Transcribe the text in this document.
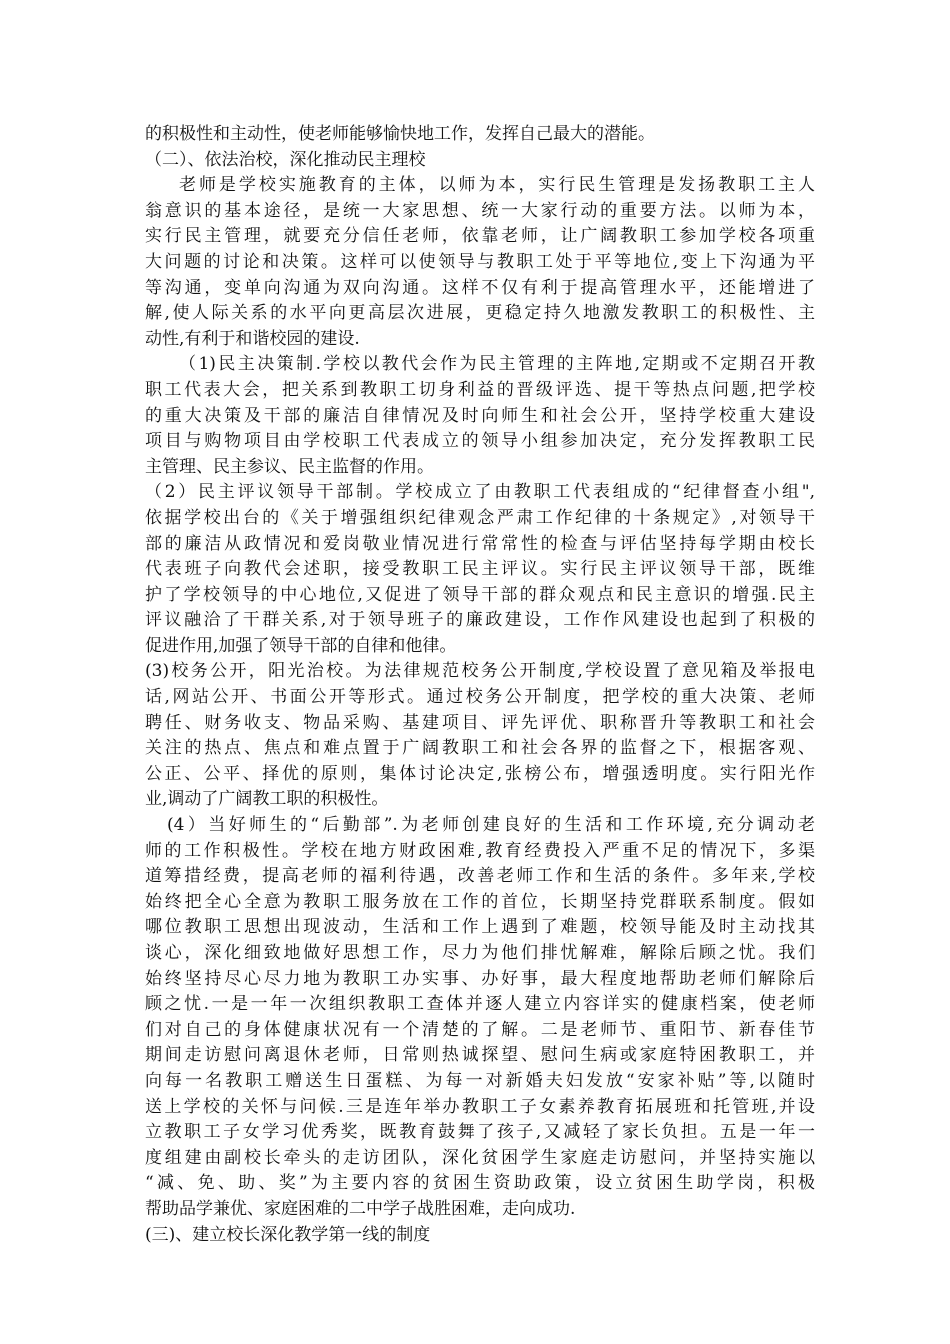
的积极性和主动性，使老师能够愉快地工作，发挥自己最大的潜能。
（二）、依法治校，深化推动民主理校
老师是学校实施教育的主体，以师为本，实行民生管理是发扬教职工主人
翁意识的基本途径，是统一大家思想、统一大家行动的重要方法。以师为本，
实行民主管理，就要充分信任老师，依靠老师，让广阔教职工参加学校各项重
大问题的讨论和决策。这样可以使领导与教职工处于平等地位,变上下沟通为平
等沟通，变单向沟通为双向沟通。这样不仅有利于提高管理水平，还能增进了
解,使人际关系的水平向更高层次进展，更稳定持久地激发教职工的积极性、主
动性,有利于和谐校园的建设.
（1)民主决策制.学校以教代会作为民主管理的主阵地,定期或不定期召开教
职工代表大会，把关系到教职工切身利益的晋级评选、提干等热点问题,把学校
的重大决策及干部的廉洁自律情况及时向师生和社会公开，坚持学校重大建设
项目与购物项目由学校职工代表成立的领导小组参加决定，充分发挥教职工民
主管理、民主参议、民主监督的作用。
（2）民主评议领导干部制。学校成立了由教职工代表组成的“纪律督查小组",
依据学校出台的《关于增强组织纪律观念严肃工作纪律的十条规定》,对领导干
部的廉洁从政情况和爱岗敬业情况进行常常性的检查与评估坚持每学期由校长
代表班子向教代会述职，接受教职工民主评议。实行民主评议领导干部，既维
护了学校领导的中心地位,又促进了领导干部的群众观点和民主意识的增强.民主
评议融洽了干群关系,对于领导班子的廉政建设，工作作风建设也起到了积极的
促进作用,加强了领导干部的自律和他律。
(3)校务公开，阳光治校。为法律规范校务公开制度,学校设置了意见箱及举报电
话,网站公开、书面公开等形式。通过校务公开制度，把学校的重大决策、老师
聘任、财务收支、物品采购、基建项目、评先评优、职称晋升等教职工和社会
关注的热点、焦点和难点置于广阔教职工和社会各界的监督之下，根据客观、
公正、公平、择优的原则，集体讨论决定,张榜公布，增强透明度。实行阳光作
业,调动了广阔教工职的积极性。
(4）当好师生的“后勤部”.为老师创建良好的生活和工作环境,充分调动老
师的工作积极性。学校在地方财政困难,教育经费投入严重不足的情况下，多渠
道筹措经费，提高老师的福利待遇，改善老师工作和生活的条件。多年来,学校
始终把全心全意为教职工服务放在工作的首位，长期坚持党群联系制度。假如
哪位教职工思想出现波动，生活和工作上遇到了难题，校领导能及时主动找其
谈心，深化细致地做好思想工作，尽力为他们排忧解难，解除后顾之忧。我们
始终坚持尽心尽力地为教职工办实事、办好事，最大程度地帮助老师们解除后
顾之忧.一是一年一次组织教职工查体并逐人建立内容详实的健康档案，使老师
们对自己的身体健康状况有一个清楚的了解。二是老师节、重阳节、新春佳节
期间走访慰问离退休老师，日常则热诚探望、慰问生病或家庭特困教职工，并
向每一名教职工赠送生日蛋糕、为每一对新婚夫妇发放“安家补贴”等,以随时
送上学校的关怀与问候.三是连年举办教职工子女素养教育拓展班和托管班,并设
立教职工子女学习优秀奖，既教育鼓舞了孩子,又减轻了家长负担。五是一年一
度组建由副校长牵头的走访团队，深化贫困学生家庭走访慰问，并坚持实施以
“减、免、助、奖”为主要内容的贫困生资助政策，设立贫困生助学岗，积极
帮助品学兼优、家庭困难的二中学子战胜困难，走向成功.
(三)、建立校长深化教学第一线的制度
